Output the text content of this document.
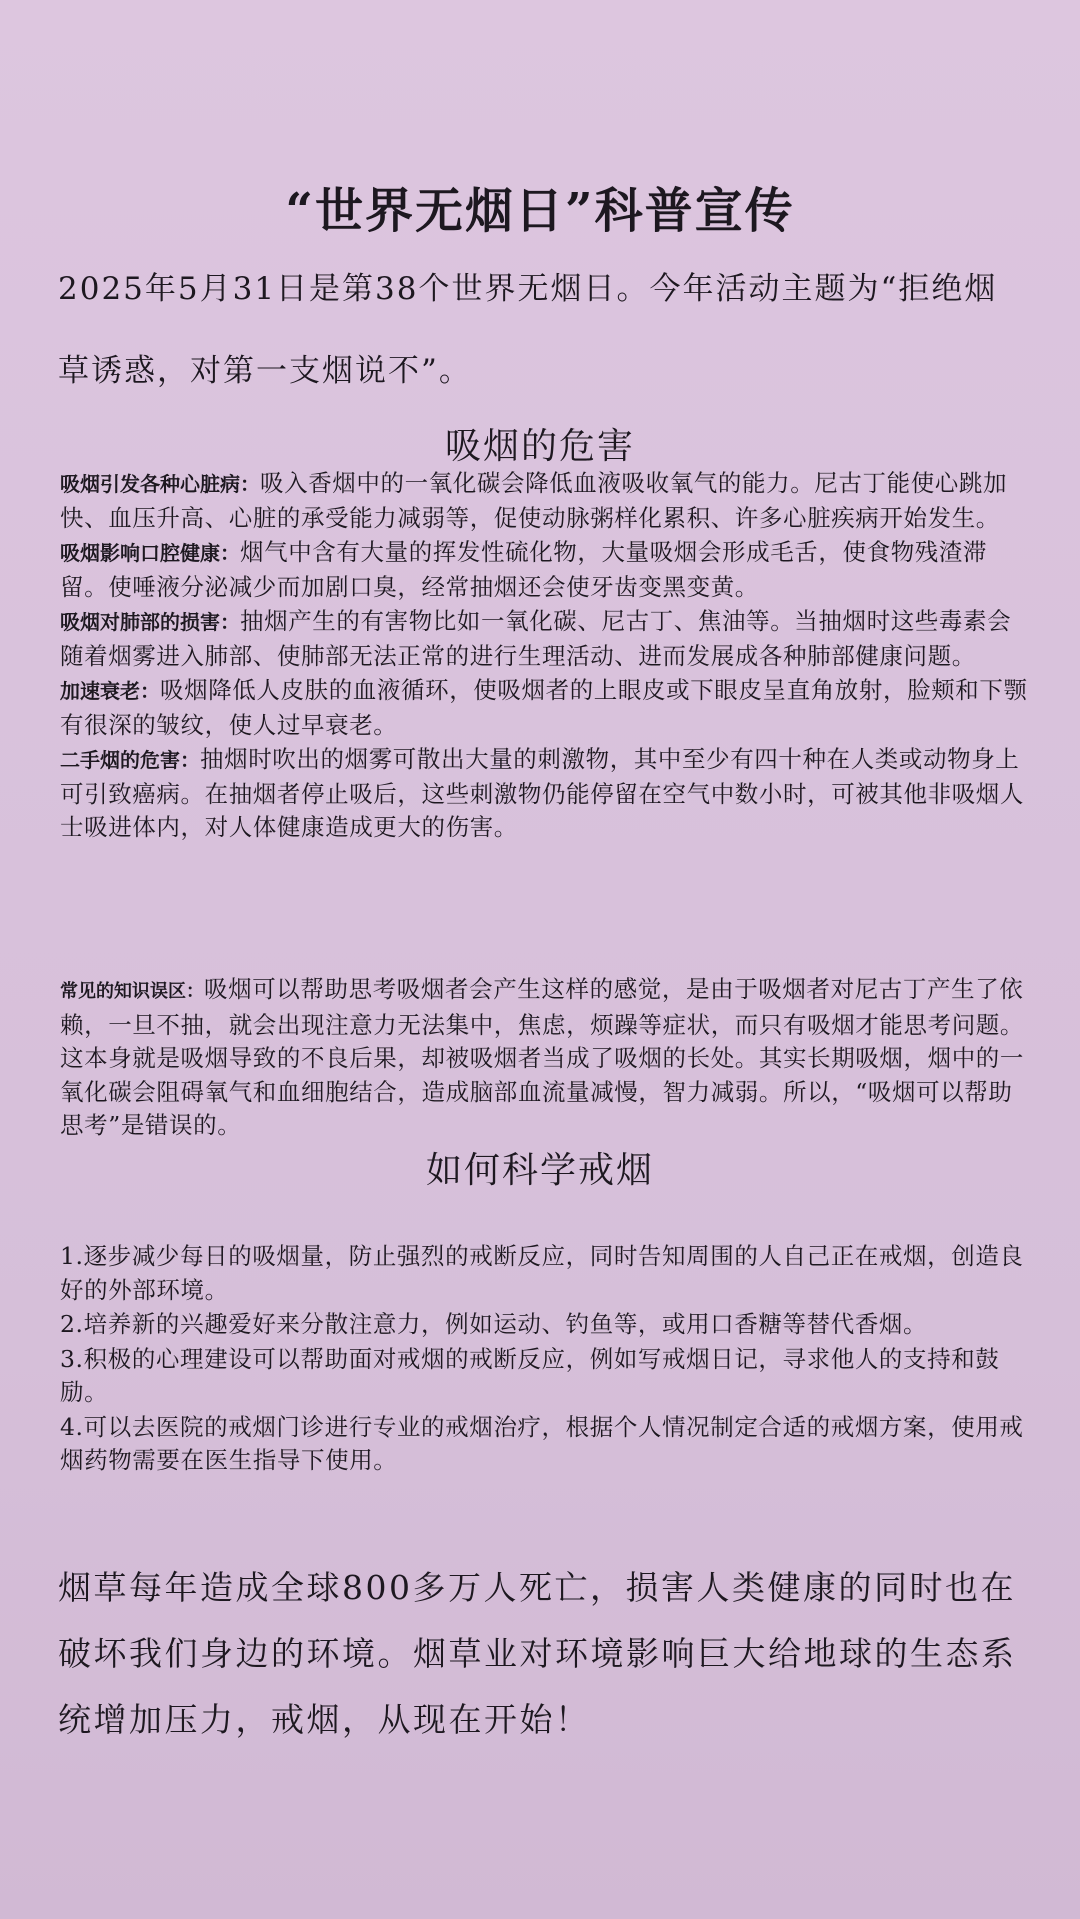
“世界无烟日”科普宣传
2025年5月31日是第38个世界无烟日。今年活动主题为“拒绝烟草诱惑，对第一支烟说不”。
吸烟的危害

吸烟引发各种心脏病：吸入香烟中的一氧化碳会降低血液吸收氧气的能力。尼古丁能使心跳加快、血压升高、心脏的承受能力减弱等，促使动脉粥样化累积、许多心脏疾病开始发生。

吸烟影响口腔健康：烟气中含有大量的挥发性硫化物，大量吸烟会形成毛舌，使食物残渣滞留。使唾液分泌减少而加剧口臭，经常抽烟还会使牙齿变黑变黄。

吸烟对肺部的损害：抽烟产生的有害物比如一氧化碳、尼古丁、焦油等。当抽烟时这些毒素会随着烟雾进入肺部、使肺部无法正常的进行生理活动、进而发展成各种肺部健康问题。

加速衰老：吸烟降低人皮肤的血液循环，使吸烟者的上眼皮或下眼皮呈直角放射，脸颊和下颚有很深的皱纹，使人过早衰老。

二手烟的危害：抽烟时吹出的烟雾可散出大量的刺激物，其中至少有四十种在人类或动物身上可引致癌病。在抽烟者停止吸后，这些刺激物仍能停留在空气中数小时，可被其他非吸烟人士吸进体内，对人体健康造成更大的伤害。

常见的知识误区：吸烟可以帮助思考吸烟者会产生这样的感觉，是由于吸烟者对尼古丁产生了依赖，一旦不抽，就会出现注意力无法集中，焦虑，烦躁等症状，而只有吸烟才能思考问题。这本身就是吸烟导致的不良后果，却被吸烟者当成了吸烟的长处。其实长期吸烟，烟中的一氧化碳会阻碍氧气和血细胞结合，造成脑部血流量减慢，智力减弱。所以，“吸烟可以帮助思考”是错误的。
如何科学戒烟

1.逐步减少每日的吸烟量，防止强烈的戒断反应，同时告知周围的人自己正在戒烟，创造良好的外部环境。

2.培养新的兴趣爱好来分散注意力，例如运动、钓鱼等，或用口香糖等替代香烟。

3.积极的心理建设可以帮助面对戒烟的戒断反应，例如写戒烟日记，寻求他人的支持和鼓励。

4.可以去医院的戒烟门诊进行专业的戒烟治疗，根据个人情况制定合适的戒烟方案，使用戒烟药物需要在医生指导下使用。

烟草每年造成全球800多万人死亡，损害人类健康的同时也在破坏我们身边的环境。烟草业对环境影响巨大给地球的生态系统增加压力，戒烟，从现在开始！
